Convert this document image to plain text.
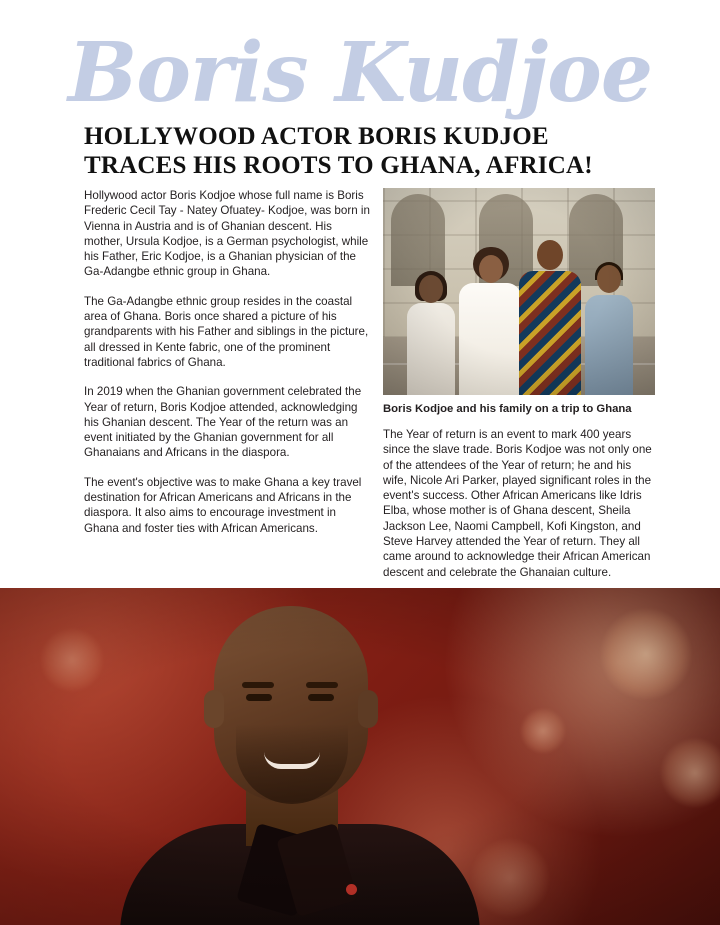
Boris Kudjoe
HOLLYWOOD ACTOR BORIS KUDJOE
TRACES HIS ROOTS TO GHANA, AFRICA!

Hollywood actor Boris Kodjoe whose full name is Boris Frederic Cecil Tay - Natey Ofuatey- Kodjoe, was born in Vienna in Austria and is of Ghanian descent. His mother, Ursula Kodjoe, is a German psychologist, while his Father, Eric Kodjoe, is a Ghanian physician of the Ga-Adangbe ethnic group in Ghana.

The Ga-Adangbe ethnic group resides in the coastal area of Ghana. Boris once shared a picture of his grandparents with his Father and siblings in the picture, all dressed in Kente fabric, one of the prominent traditional fabrics of Ghana.

In 2019 when the Ghanian government celebrated the Year of return, Boris Kodjoe attended, acknowledging his Ghanian descent. The Year of the return was an event initiated by the Ghanian government for all Ghanaians and Africans in the diaspora.

The event's objective was to make Ghana a key travel destination for African Americans and Africans in the diaspora. It also aims to encourage investment in Ghana and foster ties with African Americans.

Boris Kodjoe and his family on a trip to Ghana

The Year of return is an event to mark 400 years since the slave trade. Boris Kodjoe was not only one of the attendees of the Year of return; he and his wife, Nicole Ari Parker, played significant roles in the event's success. Other African Americans like Idris Elba, whose mother is of Ghana descent, Sheila Jackson Lee, Naomi Campbell, Kofi Kingston, and Steve Harvey attended the Year of return. They all came around to acknowledge their African American descent and celebrate the Ghanaian culture.
